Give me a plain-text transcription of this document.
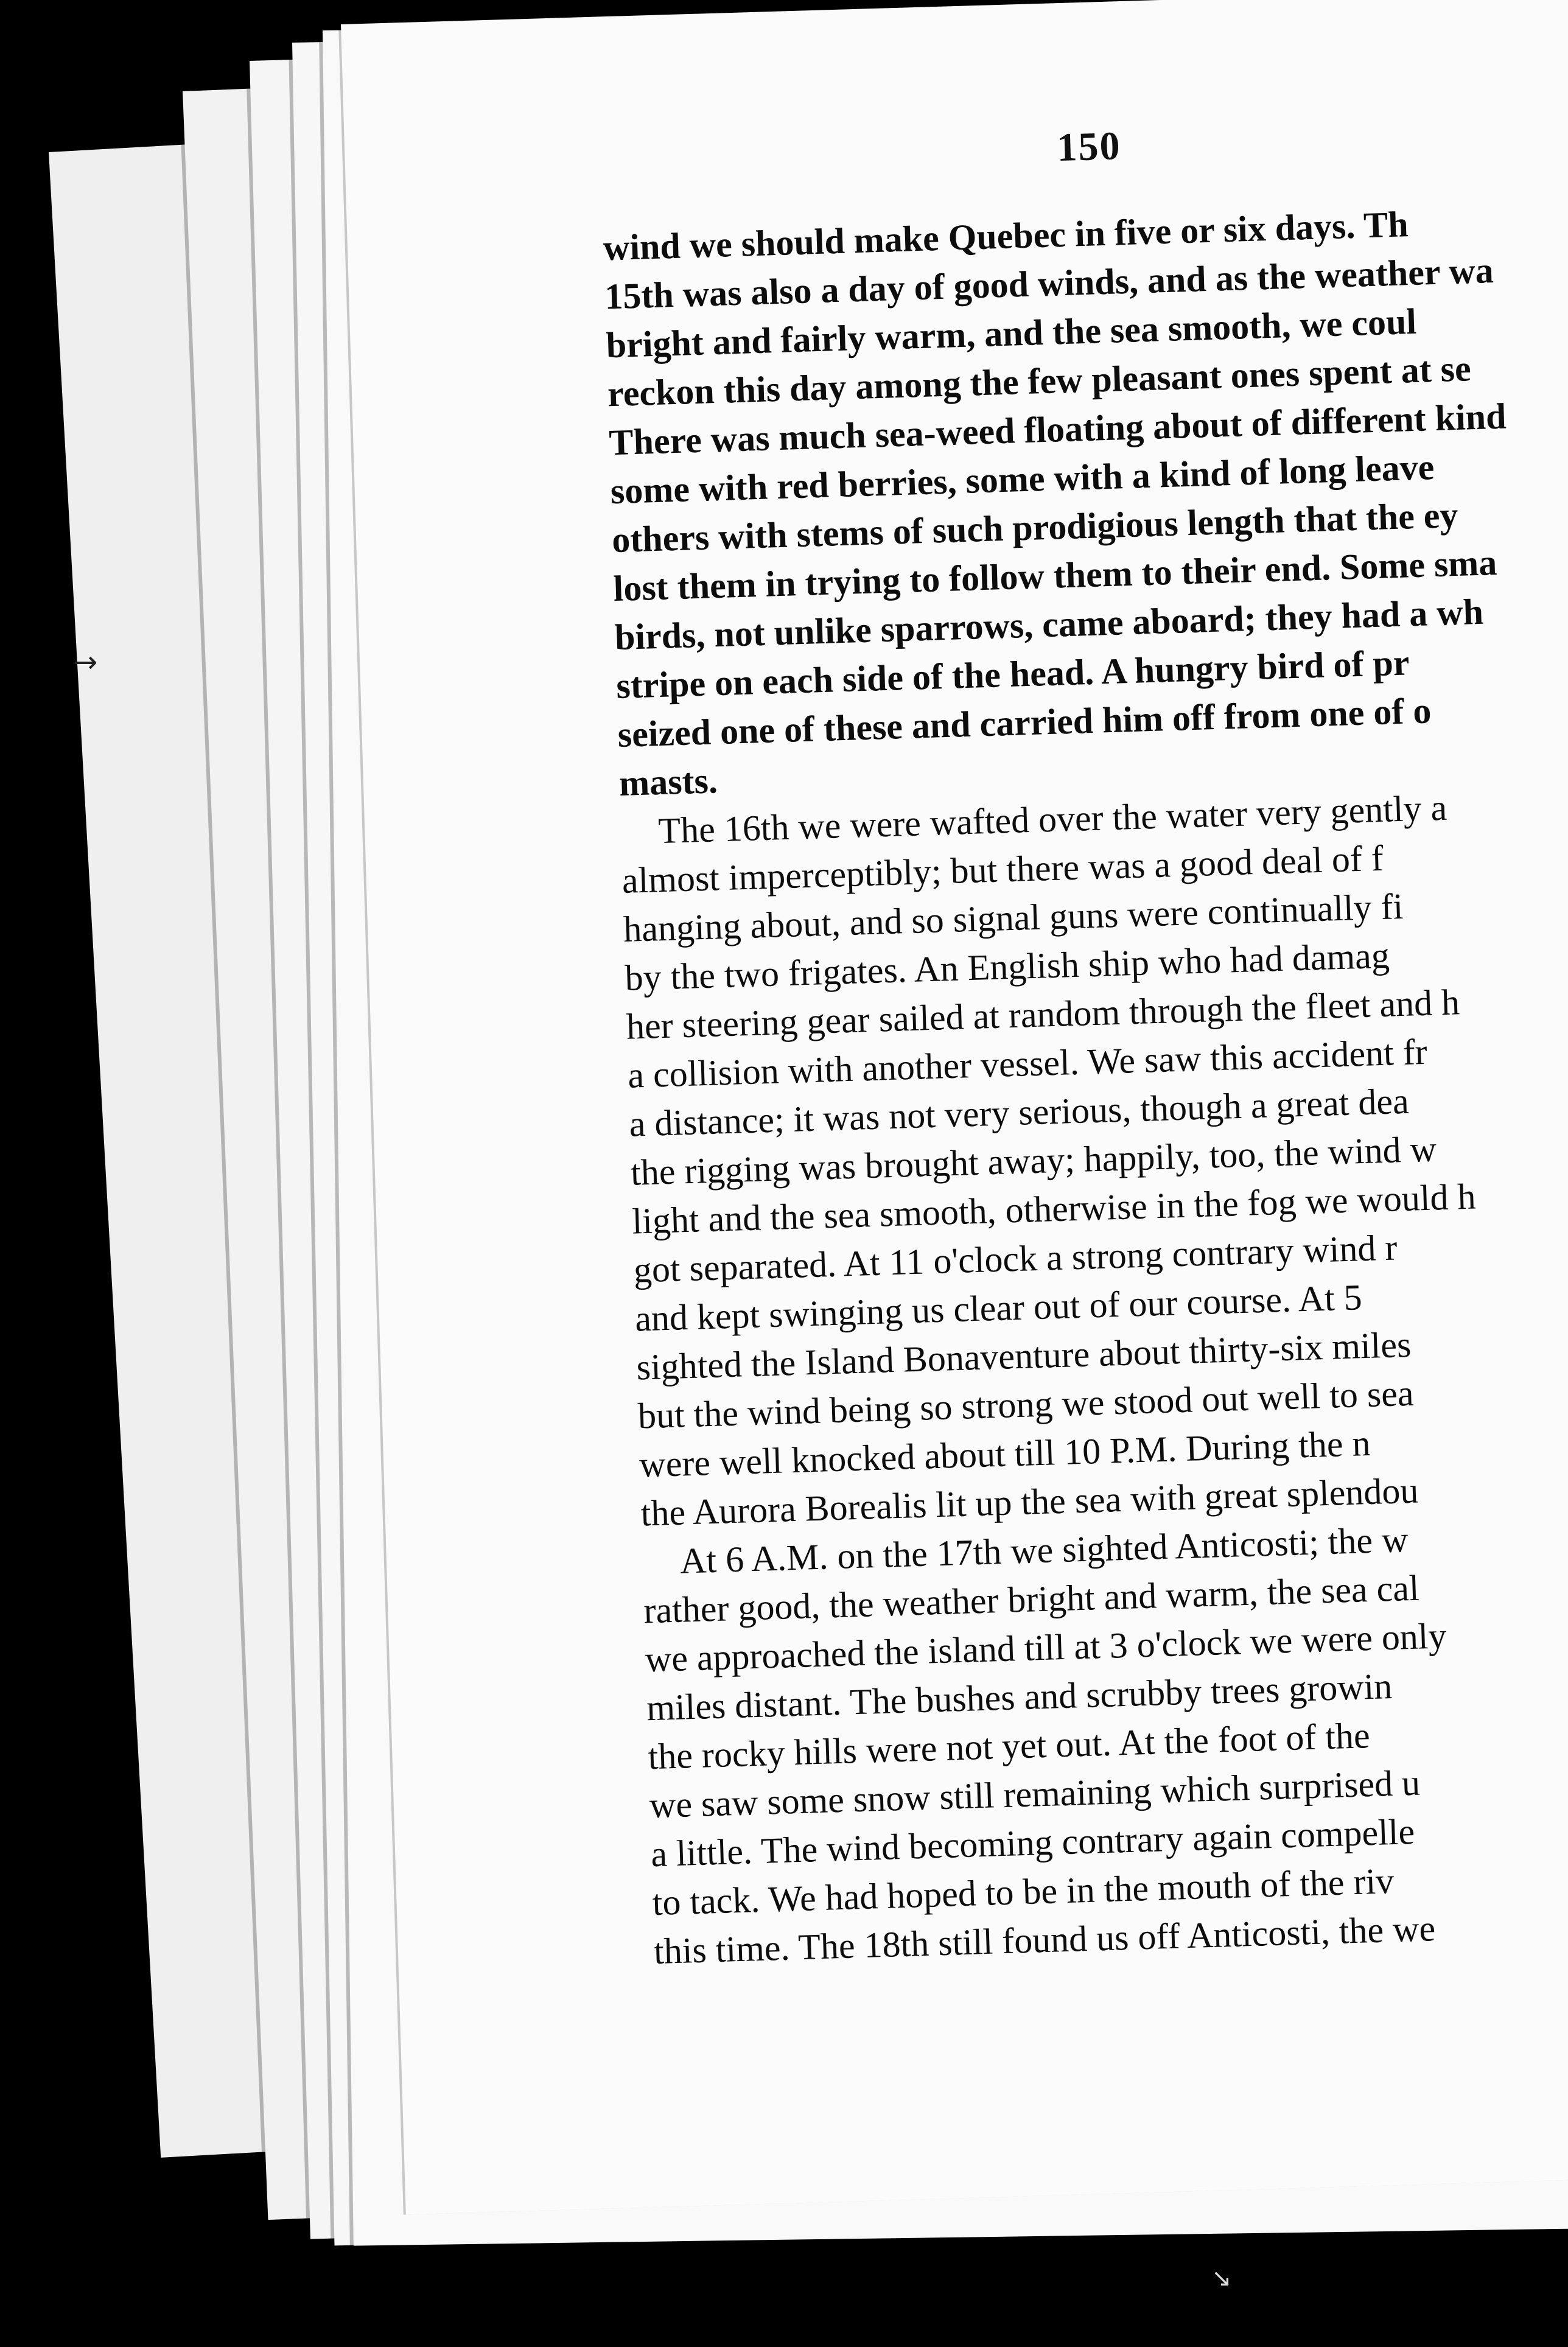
→
↘
150
wind we should make Quebec in five or six days. Th
15th was also a day of good winds, and as the weather wa
bright and fairly warm, and the sea smooth, we coul
reckon this day among the few pleasant ones spent at se
There was much sea-weed floating about of different kind
some with red berries, some with a kind of long leave
others with stems of such prodigious length that the ey
lost them in trying to follow them to their end. Some sma
birds, not unlike sparrows, came aboard; they had a wh
stripe on each side of the head. A hungry bird of pr
seized one of these and carried him off from one of o
masts.
The 16th we were wafted over the water very gently a
almost imperceptibly; but there was a good deal of f
hanging about, and so signal guns were continually fi
by the two frigates. An English ship who had damag
her steering gear sailed at random through the fleet and h
a collision with another vessel. We saw this accident fr
a distance; it was not very serious, though a great dea
the rigging was brought away; happily, too, the wind w
light and the sea smooth, otherwise in the fog we would h
got separated. At 11 o'clock a strong contrary wind r
and kept swinging us clear out of our course. At 5
sighted the Island Bonaventure about thirty-six miles
but the wind being so strong we stood out well to sea
were well knocked about till 10 P.M. During the n
the Aurora Borealis lit up the sea with great splendou
At 6 A.M. on the 17th we sighted Anticosti; the w
rather good, the weather bright and warm, the sea cal
we approached the island till at 3 o'clock we were only
miles distant. The bushes and scrubby trees growin
the rocky hills were not yet out. At the foot of the
we saw some snow still remaining which surprised u
a little. The wind becoming contrary again compelle
to tack. We had hoped to be in the mouth of the riv
this time. The 18th still found us off Anticosti, the we
